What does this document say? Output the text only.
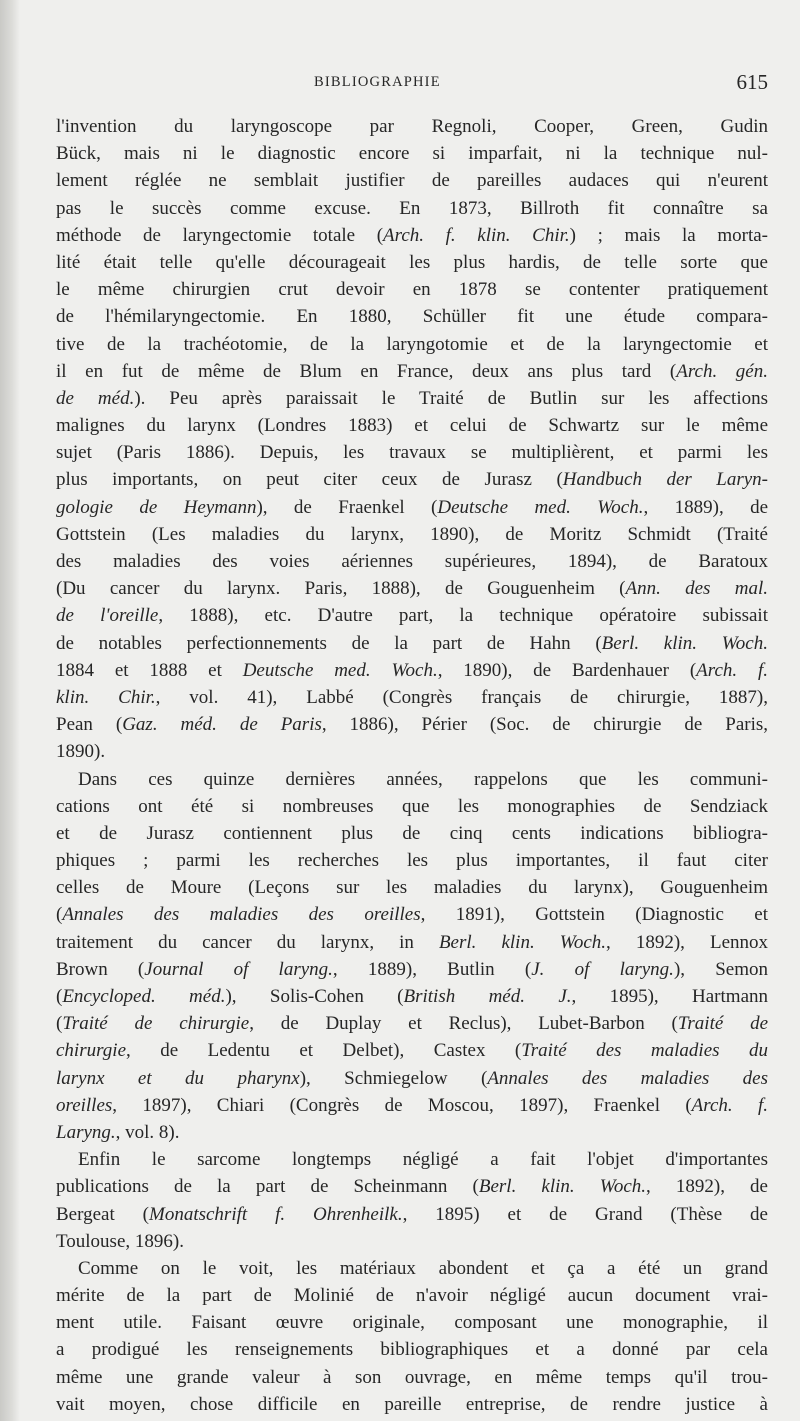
BIBLIOGRAPHIE	615
l'invention du laryngoscope par Regnoli, Cooper, Green, Gudin
Bück, mais ni le diagnostic encore si imparfait, ni la technique nul-
lement réglée ne semblait justifier de pareilles audaces qui n'eurent
pas le succès comme excuse. En 1873, Billroth fit connaître sa
méthode de laryngectomie totale (Arch. f. klin. Chir.) ; mais la morta-
lité était telle qu'elle décourageait les plus hardis, de telle sorte que
le même chirurgien crut devoir en 1878 se contenter pratiquement
de l'hémilaryngectomie. En 1880, Schüller fit une étude compara-
tive de la trachéotomie, de la laryngotomie et de la laryngectomie et
il en fut de même de Blum en France, deux ans plus tard (Arch. gén.
de méd.). Peu après paraissait le Traité de Butlin sur les affections
malignes du larynx (Londres 1883) et celui de Schwartz sur le même
sujet (Paris 1886). Depuis, les travaux se multiplièrent, et parmi les
plus importants, on peut citer ceux de Jurasz (Handbuch der Laryn-
gologie de Heymann), de Fraenkel (Deutsche med. Woch., 1889), de
Gottstein (Les maladies du larynx, 1890), de Moritz Schmidt (Traité
des maladies des voies aériennes supérieures, 1894), de Baratoux
(Du cancer du larynx. Paris, 1888), de Gouguenheim (Ann. des mal.
de l'oreille, 1888), etc. D'autre part, la technique opératoire subissait
de notables perfectionnements de la part de Hahn (Berl. klin. Woch.
1884 et 1888 et Deutsche med. Woch., 1890), de Bardenhauer (Arch. f.
klin. Chir., vol. 41), Labbé (Congrès français de chirurgie, 1887),
Pean (Gaz. méd. de Paris, 1886), Périer (Soc. de chirurgie de Paris,
1890).
Dans ces quinze dernières années, rappelons que les communi-
cations ont été si nombreuses que les monographies de Sendziack
et de Jurasz contiennent plus de cinq cents indications bibliogra-
phiques ; parmi les recherches les plus importantes, il faut citer
celles de Moure (Leçons sur les maladies du larynx), Gouguenheim
(Annales des maladies des oreilles, 1891), Gottstein (Diagnostic et
traitement du cancer du larynx, in Berl. klin. Woch., 1892), Lennox
Brown (Journal of laryng., 1889), Butlin (J. of laryng.), Semon
(Encycloped. méd.), Solis-Cohen (British méd. J., 1895), Hartmann
(Traité de chirurgie, de Duplay et Reclus), Lubet-Barbon (Traité de
chirurgie, de Ledentu et Delbet), Castex (Traité des maladies du
larynx et du pharynx), Schmiegelow (Annales des maladies des
oreilles, 1897), Chiari (Congrès de Moscou, 1897), Fraenkel (Arch. f.
Laryng., vol. 8).
Enfin le sarcome longtemps négligé a fait l'objet d'importantes
publications de la part de Scheinmann (Berl. klin. Woch., 1892), de
Bergeat (Monatschrift f. Ohrenheilk., 1895) et de Grand (Thèse de
Toulouse, 1896).
Comme on le voit, les matériaux abondent et ça a été un grand
mérite de la part de Molinié de n'avoir négligé aucun document vrai-
ment utile. Faisant œuvre originale, composant une monographie, il
a prodigué les renseignements bibliographiques et a donné par cela
même une grande valeur à son ouvrage, en même temps qu'il trou-
vait moyen, chose difficile en pareille entreprise, de rendre justice à
